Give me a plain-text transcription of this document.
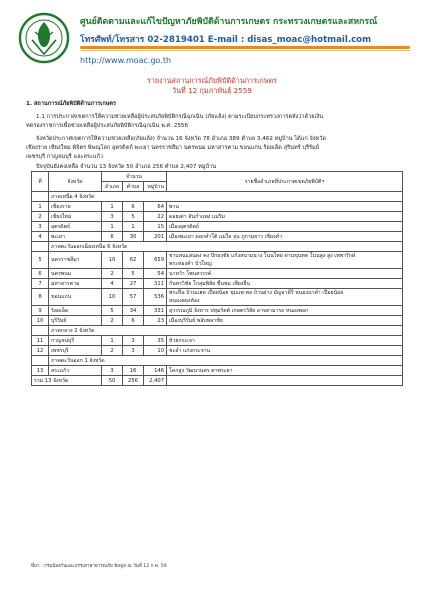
ศูนย์ติดตามและแก้ไขปัญหาภัยพิบัติด้านการเกษตร กระทรวงเกษตรและสหกรณ์
โทรศัพท์/โทรสาร 02-2819401 E-mail : disas_moac@hotmail.com
http://www.moac.go.th
รายงานสถานการณ์ภัยพิบัติด้านการเกษตร
วันที่ 12 กุมภาพันธ์ 2559
1. สถานการณ์ภัยพิบัติด้านการเกษตร
1.1 การประกาศเขตการให้ความช่วยเหลือผู้ประสบภัยพิบัติกรณีฉุกเฉิน (ภัยแล้ง) ตามระเบียบกระทรวงการคลังว่าด้วยเงิน
ทดรองราชการเพื่อช่วยเหลือผู้ประสบภัยพิบัติกรณีฉุกเฉิน พ.ศ. 2556
จังหวัดประกาศเขตการให้ความช่วยเหลือ(ภัยแล้ง) จำนวน 16 จังหวัด 78 อำเภอ 389 ตำบล 3,462 หมู่บ้าน ได้แก่ จังหวัด
เชียงราย เชียงใหม่ พิจิตร พิษณุโลก อุตรดิตถ์ พะเยา นครราชสีมา นครพนม มหาสารคาม ขอนแก่น ร้อยเอ็ด สุรินทร์ บุรีรัมย์
เพชรบุรี กาญจนบุรี และสระแก้ว
ปัจจุบันยังคงเหลือ จำนวน 13 จังหวัด 50 อำเภอ 256 ตำบล 2,407 หมู่บ้าน
ที่	จังหวัด	จำนวน			รายชื่ออำเภอที่ประกาศเขตภัยพิบัติฯ
		อำเภอ	ตำบล	หมู่บ้าน	
	ภาคเหนือ 4 จังหวัด				
1	เชียงราย	1	6	64	พาน
2	เชียงใหม่	3	5	22	ดอยเต่า สันกำแพง แม่ริม
3	อุตรดิตถ์	1	1	15	เมืองอุตรดิตถ์
4	พะเยา	6	30	201	เมืองพะเยา ดอกคำใต้ แม่ใจ จุน ภูกามยาว เชียงคำ
	ภาคตะวันออกเฉียงเหนือ 6 จังหวัด				
5	นครราชสีมา	10	62	659	ชาแสนแสนดง คง ปักธงชัย แก้งสนามนาง โนนไทย ด่านขุนทด โนนสูง สูง เทพารักษ์
พระทองคำ บัวใหญ่

6	นครพนม	2	5	54	นาหว้า โพนสวรรค์
7	มหาสารคาม	4	27	311	กันทรวิชัย โกสุมพิสัย ชื่นชม เชียงยืน
8	ขอนแก่น	10	57	536	พระยืน บ้านแฮด เปือยน้อย ชุมแพ พล บ้านฝาง มัญจาคีรี หนองนาคำ เปือยน้อย
หนองสองห้อง

9	ร้อยเอ็ด	5	34	331	สุวรรณภูมิ จังหาร ปทุมรัตต์ เกษตรวิสัย อาจสามารถ หนองพอก
10	บุรีรัมย์	2	6	23	เมืองบุรีรัมย์ พลับพลาชัย
	ภาคกลาง 2 จังหวัด				
11	กาญจนบุรี	1	3	35	ห้วยกระเจา
12	เพชรบุรี	2	3	10	ชะอำ แก่งกระจาน
	ภาคตะวันออก 1 จังหวัด				
13	สระแก้ว	3	16	146	โคกสูง วัฒนานคร ตาพระยา
รวม 13 จังหวัด		50	256	2,407	
ที่มา : กรมป้องกันและบรรเทาสาธารณภัย ข้อมูล ณ วันที่ 12 ก.พ. 59
